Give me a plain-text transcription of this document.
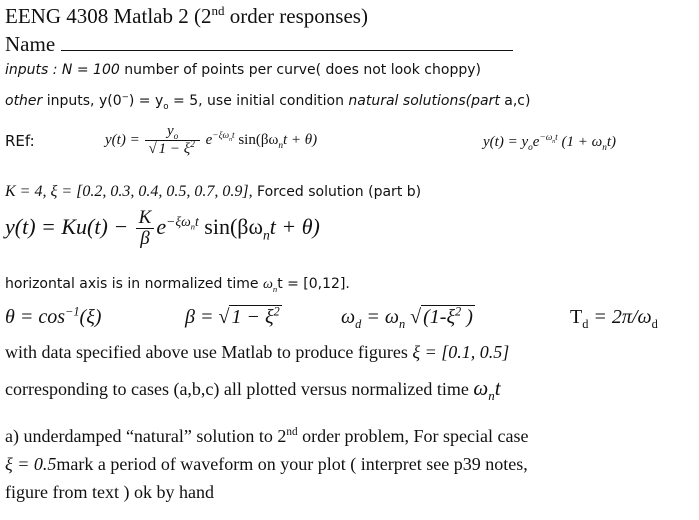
EENG 4308 Matlab 2 (2nd order responses)
Name
inputs : N = 100 number of points per curve( does not look choppy)
other inputs, $y(0^-) = y_o = 5$, use initial condition natural solutions(part a,c)
REf:	$y(t) = \frac{y_o}{√ 1 - \xi^2} e^{-\xi\omega_nt}$ $\sin(\beta\omega_nt + \theta)$	$y(t) = y_oe^{-\omega_nt}$ $(1 + \omega_nt)$
K = 4, ξ = [0.2, 0.3, 0.4, 0.5, 0.7, 0.9], Forced solution (part b)
$y(t) = Ku(t) - \frac{K}{\beta} e^{-\xi\omega_nt}$ $\sin(\beta\omega_nt + \theta)$
horizontal axis is in normalized time $\omega_nt = [0,12]$.
$\theta = \cos^{-1}(\xi)$	β = √ $1 - \xi^2$	$\omega_d = \omega_n$ √ ($1-\xi^2$ )	$T_d = 2\pi/\omega_d$
with data specified above use Matlab to produce figures ξ = [0.1, 0.5]
corresponding to cases (a,b,c) all plotted versus normalized time $\omega_nt$
a) underdamped “natural” solution to 2nd order problem, For special case
ξ = 0.5mark a period of waveform on your plot ( interpret see p39 notes,
figure from text ) ok by hand
